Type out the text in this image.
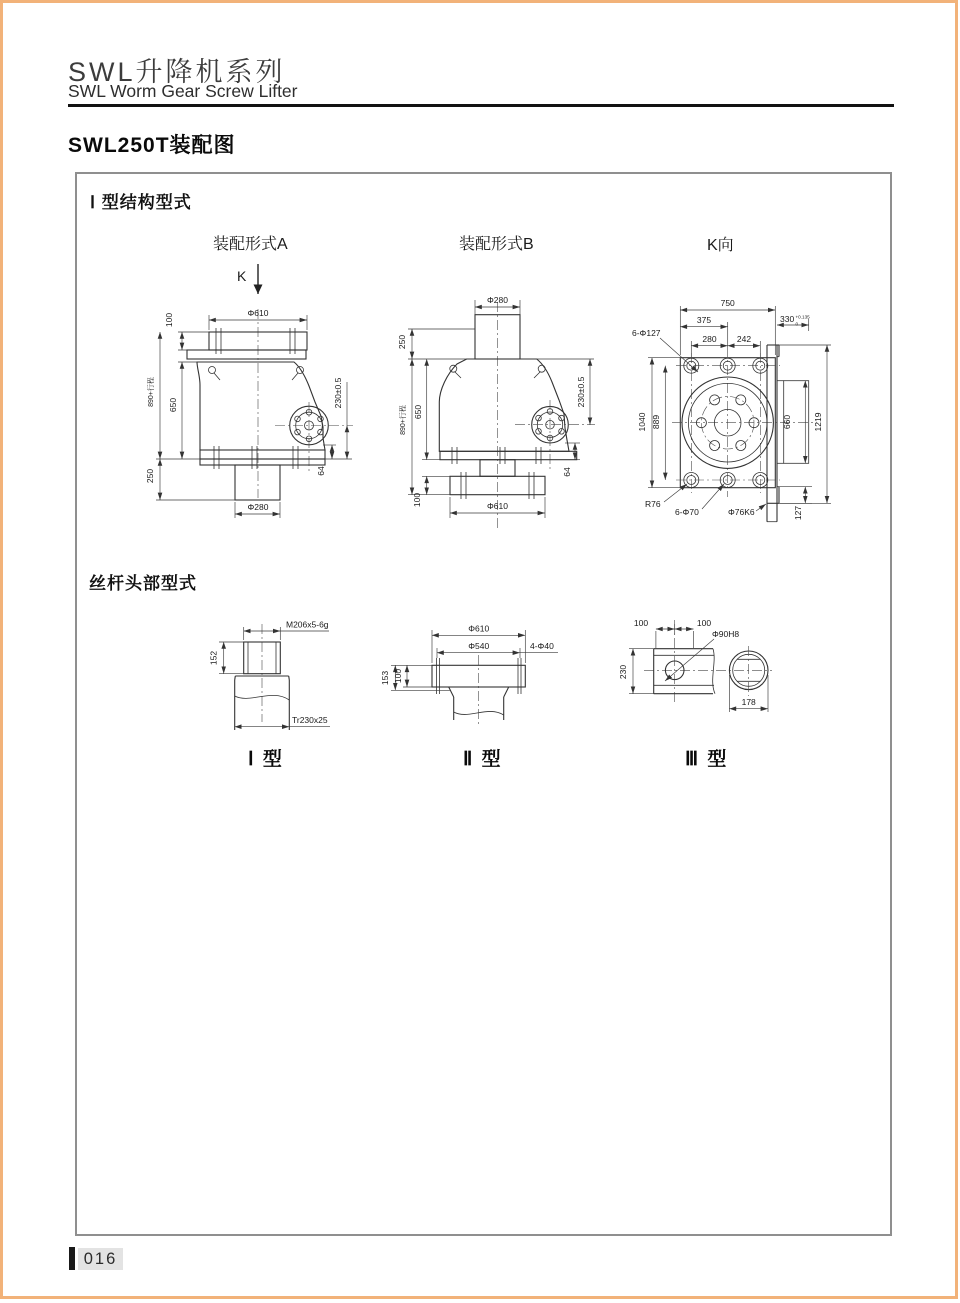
SWL升降机系列
SWL Worm Gear Screw Lifter
SWL250T装配图
Ⅰ 型结构型式
装配形式A	装配形式B	K向
K
Φ610
100
650
890+行程
250
Φ280
230±0.5
64
Φ280
250
890+行程 650
100	Φ610
230±0.5
64
750
375
280 242
330 +0.135
0
6-Φ127
1040 889	660 1219
R76
6-Φ70	Φ76K6	127
丝杆头部型式
M206x5-6g
152
Tr230x25
Φ610
Φ540	4-Φ40
153 100
100	100
Φ90H8
230
178
Ⅰ 型	Ⅱ 型	Ⅲ 型
016
